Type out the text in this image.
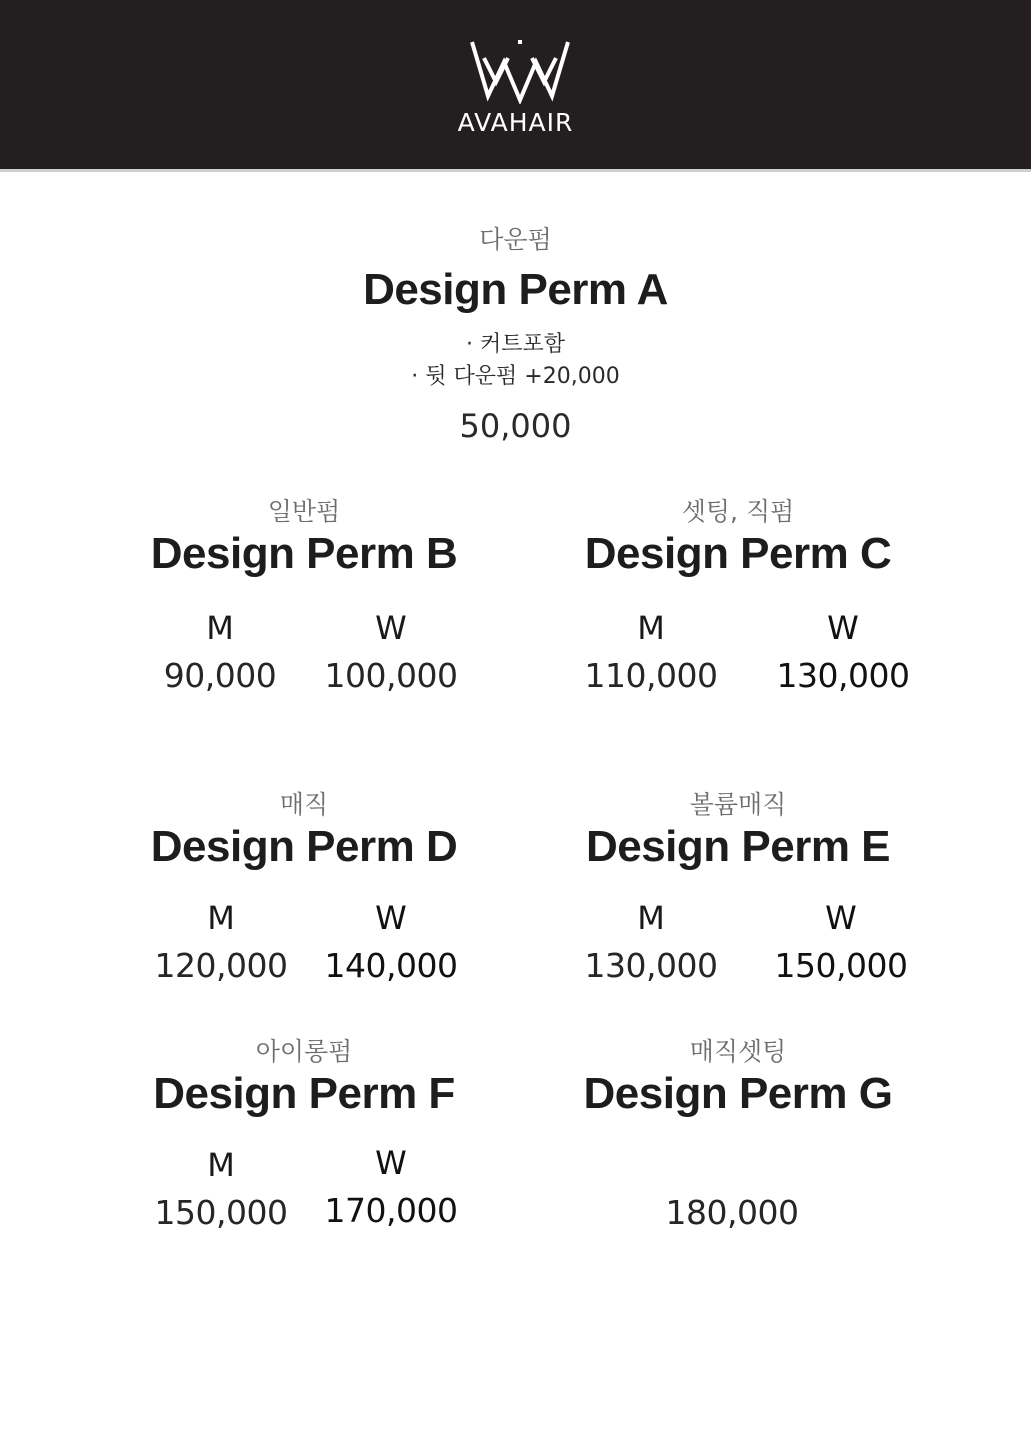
AVAHAIR
다운펌
Design Perm A
· 커트포함
· 뒷 다운펌 +20,000
50,000
일반펌
Design Perm B
M
90,000
W
100,000
셋팅, 직펌
Design Perm C
M
110,000
W
130,000
매직
Design Perm D
M
120,000
W
140,000
볼륨매직
Design Perm E
M
130,000
W
150,000
아이롱펌
Design Perm F
M
150,000
W
170,000
매직셋팅
Design Perm G
180,000
